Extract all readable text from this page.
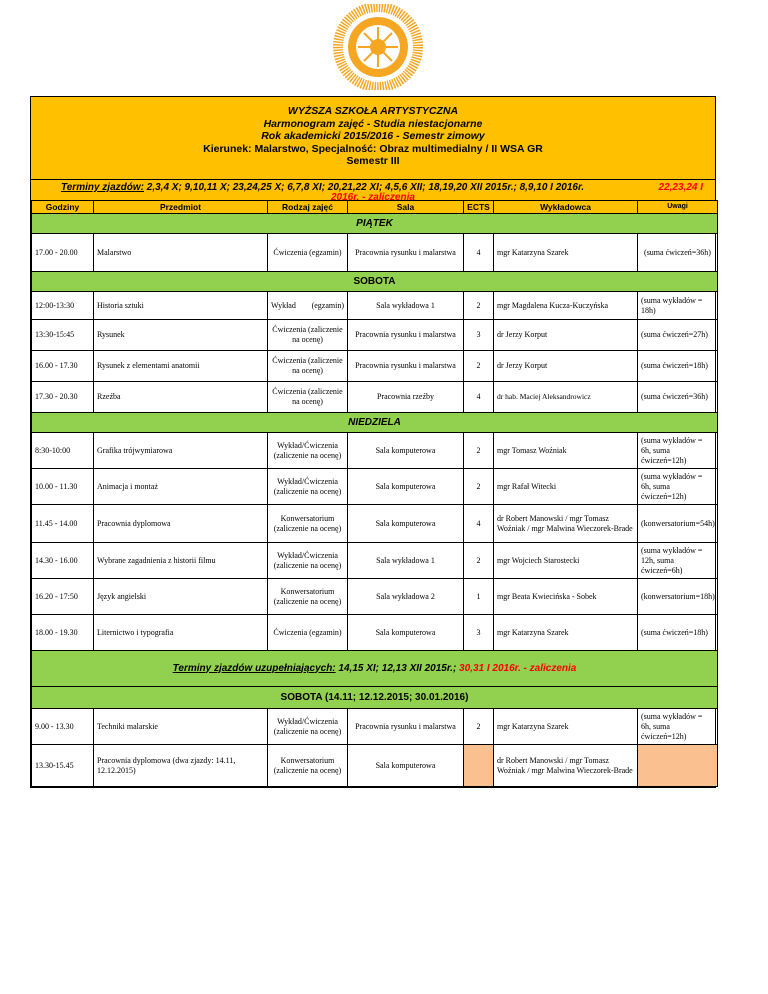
WYŻSZA SZKOŁA ARTYSTYCZNA
Harmonogram zajęć - Studia niestacjonarne
Rok akademicki 2015/2016 - Semestr zimowy
Kierunek: Malarstwo, Specjalność: Obraz multimedialny / II WSA GR
Semestr III
Terminy zjazdów: 2,3,4 X; 9,10,11 X; 23,24,25 X; 6,7,8 XI; 20,21,22 XI; 4,5,6 XII; 18,19,20 XII 2015r.; 8,9,10 I 2016r.	22,23,24 I
2016r. - zaliczenia
Godziny	Przedmiot	Rodzaj zajęć	Sala	ECTS	Wykładowca	Uwagi
PIĄTEK						
17.00 - 20.00	Malarstwo	Ćwiczenia (egzamin)	Pracownia rysunku i malarstwa	4	mgr Katarzyna Szarek	(suma ćwiczeń=36h)
SOBOTA						
12:00-13:30	Historia sztuki	Wykład (egzamin)	Sala wykładowa 1	2	mgr Magdalena Kucza-Kuczyńska	(suma wykładów = 18h)
13:30-15:45	Rysunek	Ćwiczenia (zaliczenie na ocenę)	Pracownia rysunku i malarstwa	3	dr Jerzy Korput	(suma ćwiczeń=27h)
16.00 - 17.30	Rysunek z elementami anatomii	Ćwiczenia (zaliczenie na ocenę)	Pracownia rysunku i malarstwa	2	dr Jerzy Korput	(suma ćwiczeń=18h)
17.30 - 20.30	Rzeźba	Ćwiczenia (zaliczenie na ocenę)	Pracownia rzeźby	4	dr hab. Maciej Aleksandrowicz	(suma ćwiczeń=36h)
NIEDZIELA						
8:30-10:00	Grafika trójwymiarowa	Wykład/Ćwiczenia (zaliczenie na ocenę)	Sala komputerowa	2	mgr Tomasz Woźniak	(suma wykładów = 6h, suma ćwiczeń=12h)
10.00 - 11.30	Animacja i montaż	Wykład/Ćwiczenia (zaliczenie na ocenę)	Sala komputerowa	2	mgr Rafał Witecki	(suma wykładów = 6h, suma ćwiczeń=12h)
11.45 - 14.00	Pracownia dyplomowa	Konwersatorium (zaliczenie na ocenę)	Sala komputerowa	4	dr Robert Manowski / mgr Tomasz Woźniak / mgr Malwina Wieczorek-Brade	(konwersatorium=54h)
14.30 - 16.00	Wybrane zagadnienia z historii filmu	Wykład/Ćwiczenia (zaliczenie na ocenę)	Sala wykładowa 1	2	mgr Wojciech Starostecki	(suma wykładów = 12h, suma ćwiczeń=6h)
16.20 - 17:50	Język angielski	Konwersatorium (zaliczenie na ocenę)	Sala wykładowa 2	1	mgr Beata Kwiecińska - Sobek	(konwersatorium=18h)
18.00 - 19.30	Liternictwo i typografia	Ćwiczenia (egzamin)	Sala komputerowa	3	mgr Katarzyna Szarek	(suma ćwiczeń=18h)
Terminy zjazdów uzupełniających: 14,15 XI; 12,13 XII 2015r.; 30,31 I 2016r. - zaliczenia						
SOBOTA (14.11; 12.12.2015; 30.01.2016)						
9.00 - 13.30	Techniki malarskie	Wykład/Ćwiczenia (zaliczenie na ocenę)	Pracownia rysunku i malarstwa	2	mgr Katarzyna Szarek	(suma wykładów = 6h, suma ćwiczeń=12h)
13.30-15.45	Pracownia dyplomowa (dwa zjazdy: 14.11, 12.12.2015)	Konwersatorium (zaliczenie na ocenę)	Sala komputerowa		dr Robert Manowski / mgr Tomasz Woźniak / mgr Malwina Wieczorek-Brade	
